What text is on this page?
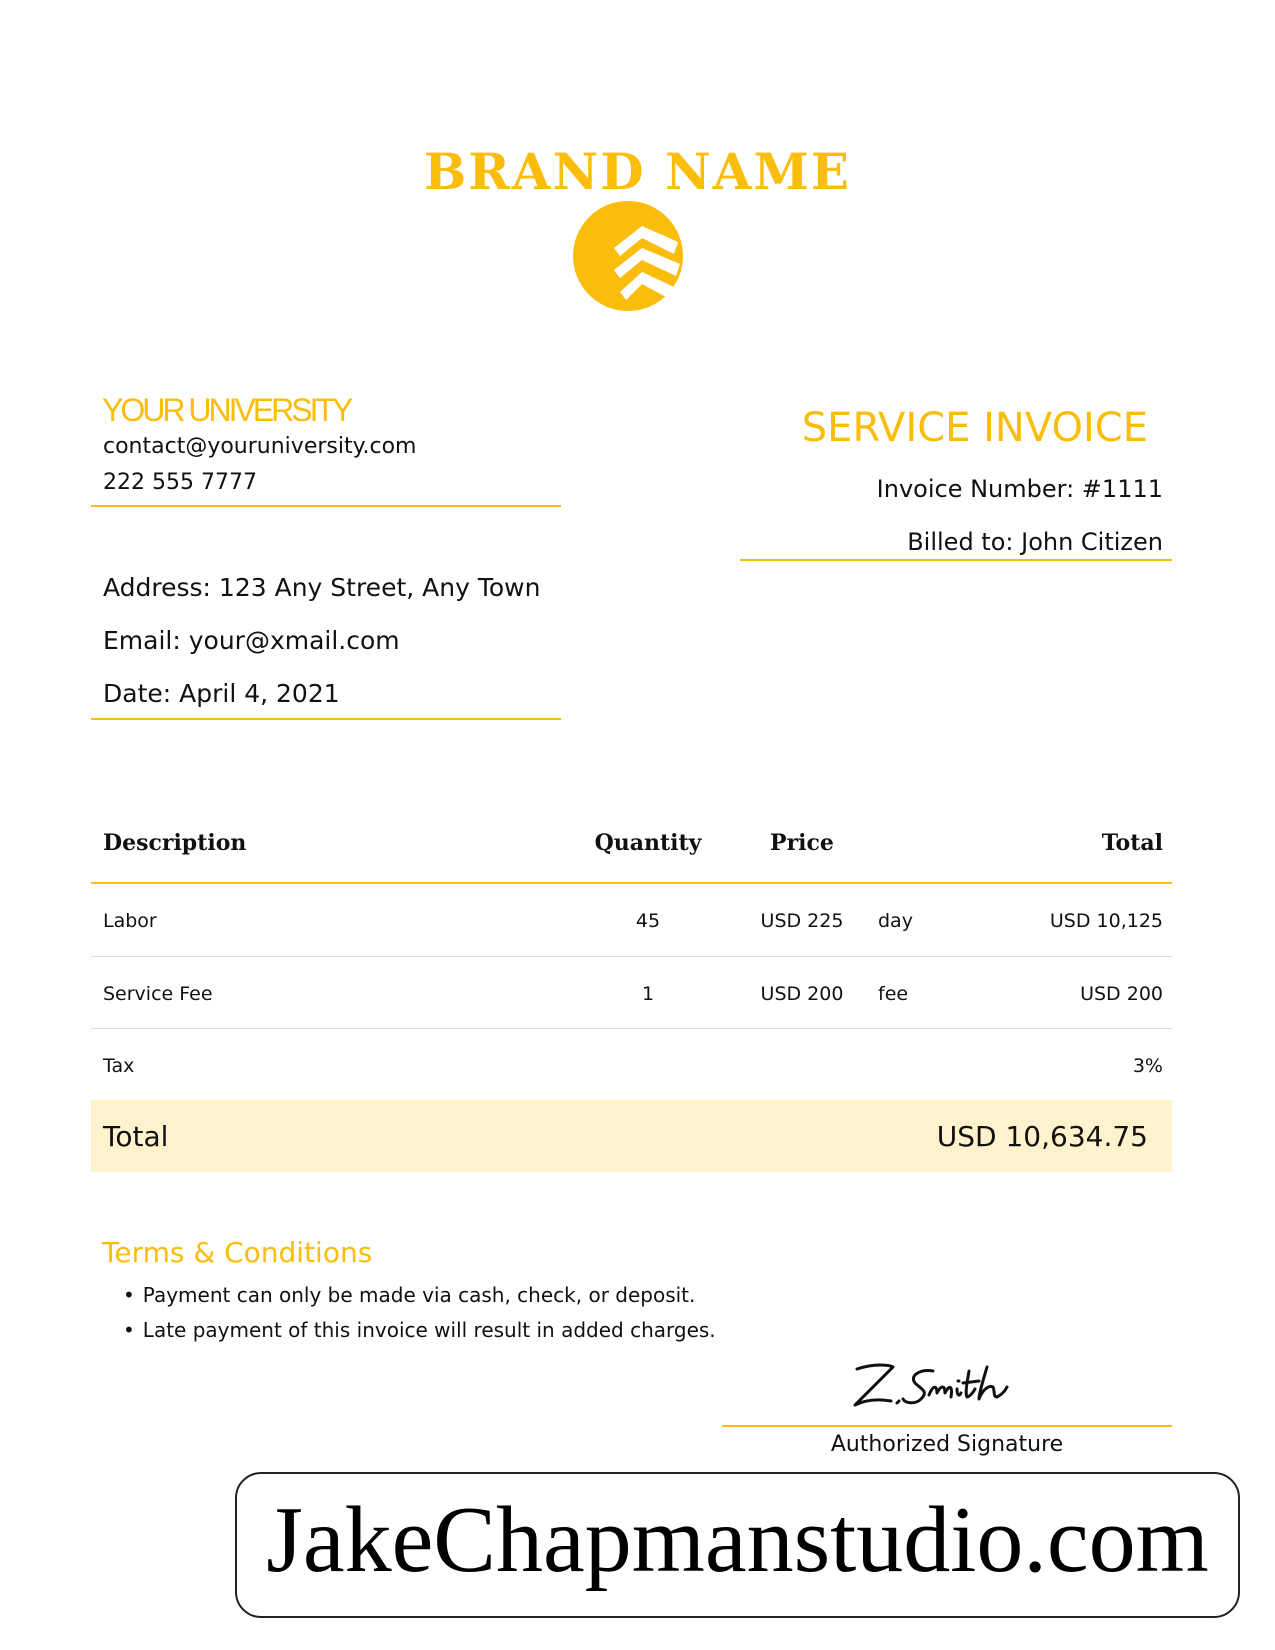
BRAND NAME
YOUR UNIVERSITY
contact@youruniversity.com
222 555 7777
SERVICE INVOICE
Invoice Number: #1111
Billed to: John Citizen
Address: 123 Any Street, Any Town
Email: your@xmail.com
Date: April 4, 2021
Description	Quantity	Price	Total
Labor	45	USD 225	day	USD 10,125
Service Fee	1	USD 200	fee	USD 200
Tax	3%
Total	USD 10,634.75
Terms & Conditions
• Payment can only be made via cash, check, or deposit.
• Late payment of this invoice will result in added charges.
Authorized Signature
JakeChapmanstudio.com
